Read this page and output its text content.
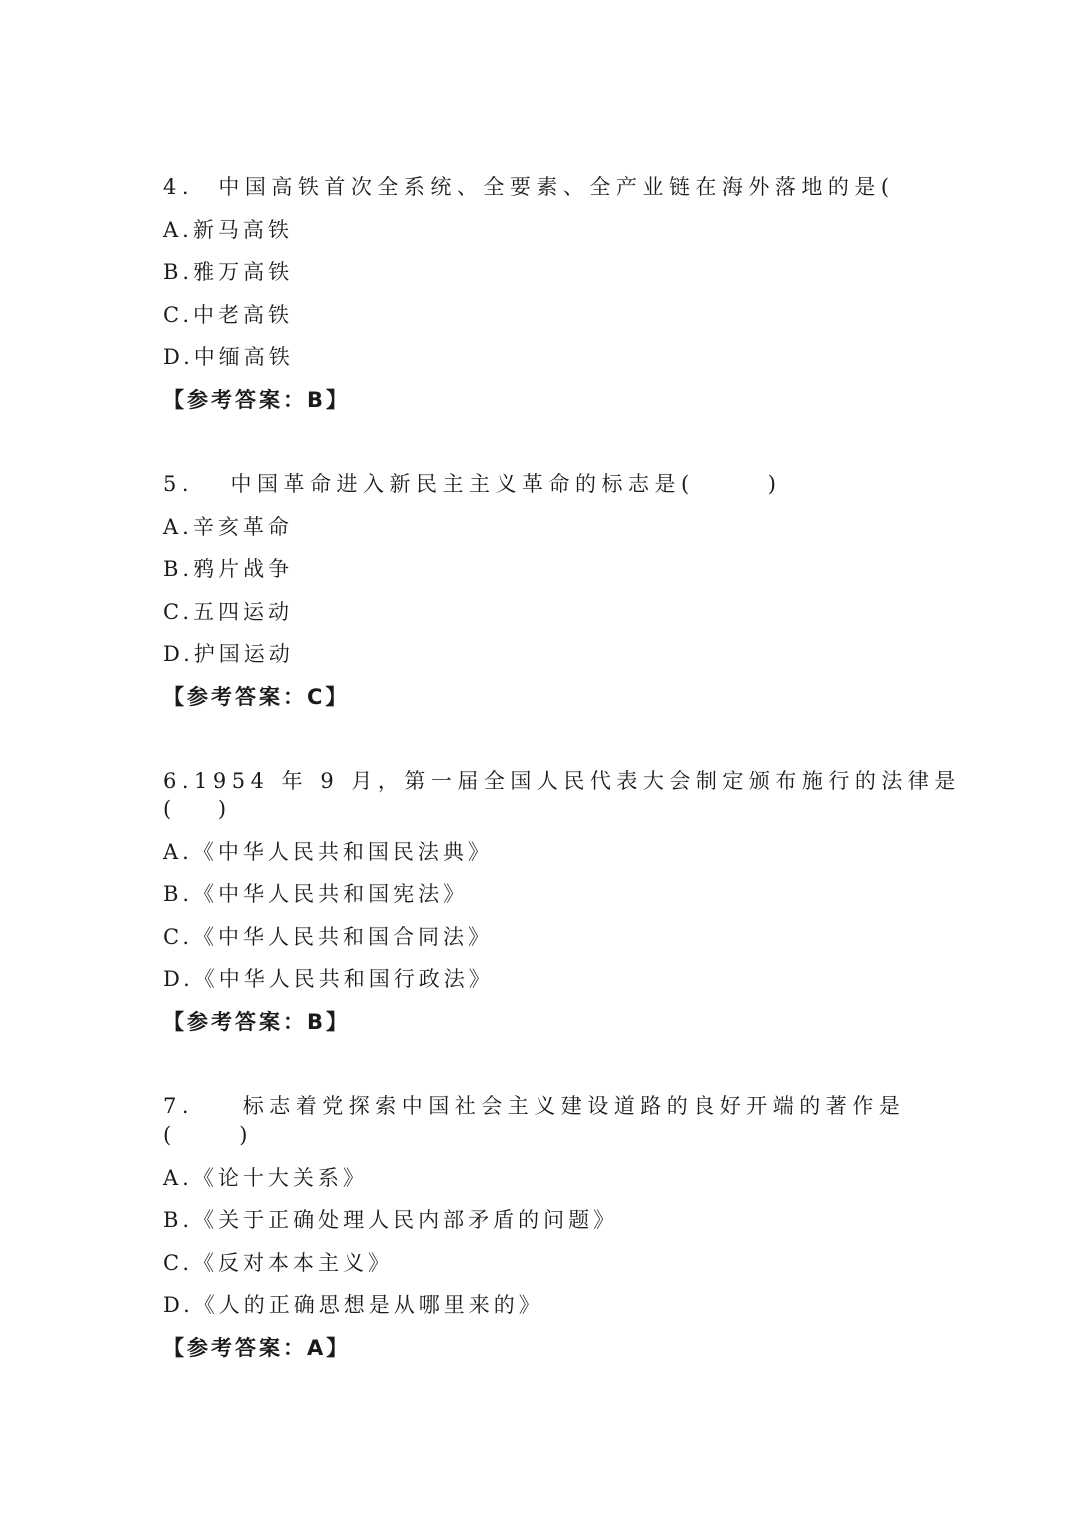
4.  中国高铁首次全系统、全要素、全产业链在海外落地的是(
A.新马高铁
B.雅万高铁
C.中老高铁
D.中缅高铁
【参考答案：B】
5.   中国革命进入新民主主义革命的标志是(      )
A.辛亥革命
B.鸦片战争
C.五四运动
D.护国运动
【参考答案：C】
6.1954 年 9 月，第一届全国人民代表大会制定颁布施行的法律是
(    )
A.《中华人民共和国民法典》
B.《中华人民共和国宪法》
C.《中华人民共和国合同法》
D.《中华人民共和国行政法》
【参考答案：B】
7.    标志着党探索中国社会主义建设道路的良好开端的著作是
(      )
A.《论十大关系》
B.《关于正确处理人民内部矛盾的问题》
C.《反对本本主义》
D.《人的正确思想是从哪里来的》
【参考答案：A】
